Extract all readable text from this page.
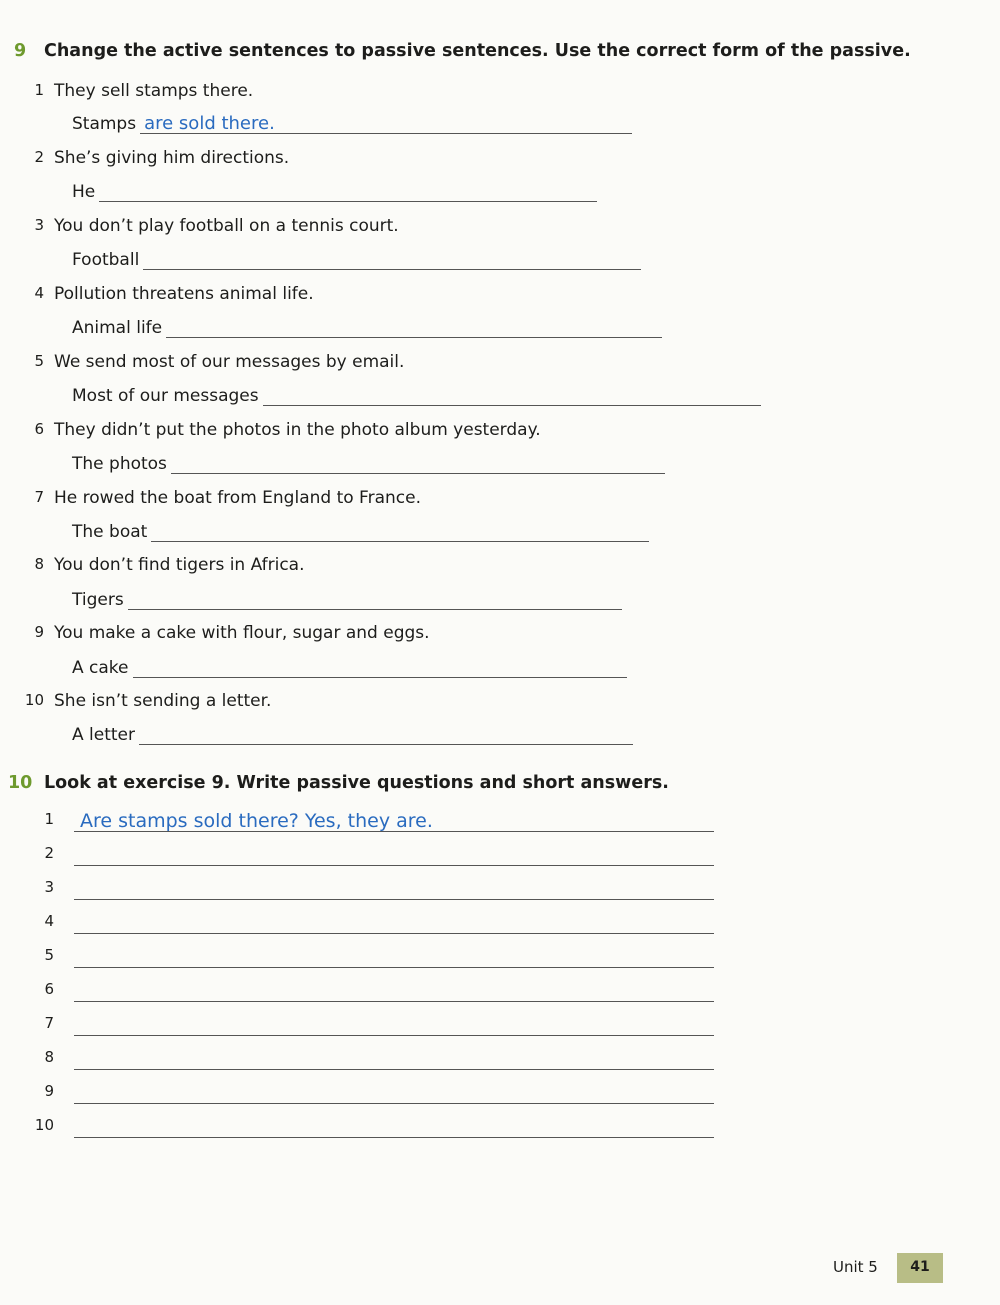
9 Change the active sentences to passive sentences. Use the correct form of the passive.
1 They sell stamps there.
Stamps are sold there.
2 She’s giving him directions.
He
3 You don’t play football on a tennis court.
Football
4 Pollution threatens animal life.
Animal life
5 We send most of our messages by email.
Most of our messages
6 They didn’t put the photos in the photo album yesterday.
The photos
7 He rowed the boat from England to France.
The boat
8 You don’t find tigers in Africa.
Tigers
9 You make a cake with flour, sugar and eggs.
A cake
10 She isn’t sending a letter.
A letter
10 Look at exercise 9. Write passive questions and short answers.
1 Are stamps sold there? Yes, they are.
2
3
4
5
6
7
8
9
10
Unit 5	41
